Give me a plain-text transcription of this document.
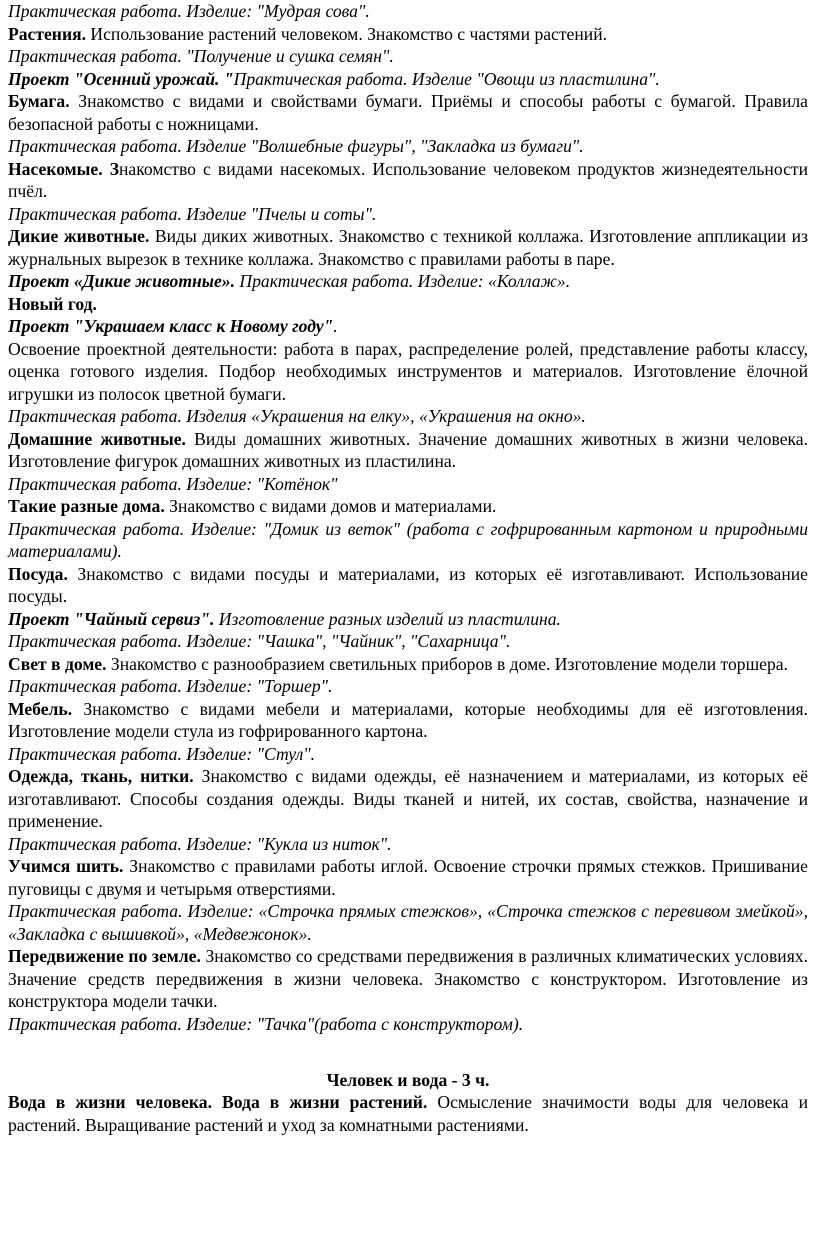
Практическая работа. Изделие: "Мудрая сова".

Растения. Использование растений человеком. Знакомство с частями растений.

Практическая работа. "Получение и сушка семян".

Проект "Осенний урожай. "Практическая работа. Изделие "Овощи из пластилина".

Бумага. Знакомство с видами и свойствами бумаги. Приёмы и способы работы с бумагой. Правила безопасной работы с ножницами.

Практическая работа. Изделие "Волшебные фигуры", "Закладка из бумаги".

Насекомые. Знакомство с видами насекомых. Использование человеком продуктов жизнедеятельности пчёл.

Практическая работа. Изделие "Пчелы и соты".

Дикие животные. Виды диких животных. Знакомство с техникой коллажа. Изготовление аппликации из журнальных вырезок в технике коллажа. Знакомство с правилами работы в паре.

Проект «Дикие животные». Практическая работа. Изделие: «Коллаж».

Новый год.

Проект "Украшаем класс к Новому году".

Освоение проектной деятельности: работа в парах, распределение ролей, представление работы классу, оценка готового изделия. Подбор необходимых инструментов и материалов. Изготовление ёлочной игрушки из полосок цветной бумаги.

Практическая работа. Изделия «Украшения на елку», «Украшения на окно».

Домашние животные. Виды домашних животных. Значение домашних животных в жизни человека. Изготовление фигурок домашних животных из пластилина.

Практическая работа. Изделие: "Котёнок"

Такие разные дома. Знакомство с видами домов и материалами.

Практическая работа. Изделие: "Домик из веток" (работа с гофрированным картоном и природными материалами).

Посуда. Знакомство с видами посуды и материалами, из которых её изготавливают. Использование посуды.

Проект "Чайный сервиз". Изготовление разных изделий из пластилина.

Практическая работа. Изделие: "Чашка", "Чайник", "Сахарница".

Свет в доме. Знакомство с разнообразием светильных приборов в доме. Изготовление модели торшера.

Практическая работа. Изделие: "Торшер".

Мебель. Знакомство с видами мебели и материалами, которые необходимы для её изготовления. Изготовление модели стула из гофрированного картона.

Практическая работа. Изделие: "Стул".

Одежда, ткань, нитки. Знакомство с видами одежды, её назначением и материалами, из которых её изготавливают. Способы создания одежды. Виды тканей и нитей, их состав, свойства, назначение и применение.

Практическая работа. Изделие: "Кукла из ниток".

Учимся шить. Знакомство с правилами работы иглой. Освоение строчки прямых стежков. Пришивание пуговицы с двумя и четырьмя отверстиями.

Практическая работа. Изделие: «Строчка прямых стежков», «Строчка стежков с перевивом змейкой», «Закладка с вышивкой», «Медвежонок».

Передвижение по земле. Знакомство со средствами передвижения в различных климатических условиях. Значение средств передвижения в жизни человека. Знакомство с конструктором. Изготовление из конструктора модели тачки.

Практическая работа. Изделие: "Тачка"(работа с конструктором).

Человек и вода - 3 ч.

Вода в жизни человека. Вода в жизни растений. Осмысление значимости воды для человека и растений. Выращивание растений и уход за комнатными растениями.
